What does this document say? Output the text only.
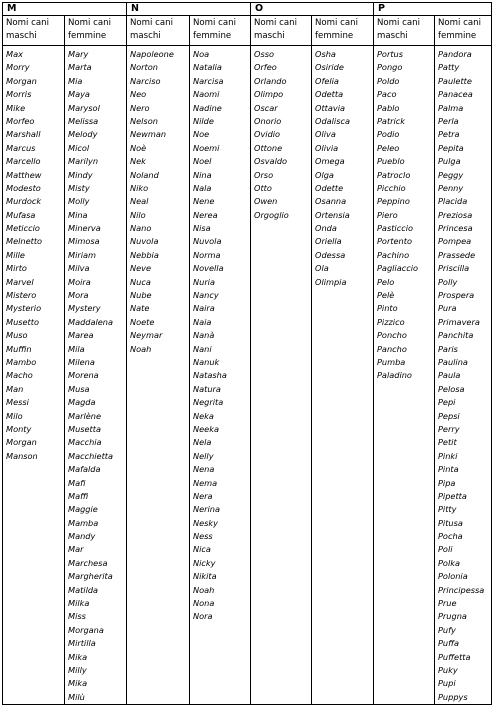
M
Nomi cani
maschi
Max
Morry
Morgan
Morris
Mike
Morfeo
Marshall
Marcus
Marcello
Matthew
Modesto
Murdock
Mufasa
Meticcio
Melnetto
Mille
Mirto
Marvel
Mistero
Mysterio
Musetto
Muso
Muffin
Mambo
Macho
Man
Messi
Milo
Monty
Morgan
Manson
Nomi cani
femmine
Mary
Marta
Mia
Maya
Marysol
Melissa
Melody
Micol
Marilyn
Mindy
Misty
Molly
Mina
Minerva
Mimosa
Miriam
Milva
Moira
Mora
Mystery
Maddalena
Marea
Mila
Milena
Morena
Musa
Magda
Marlène
Musetta
Macchia
Macchietta
Mafalda
Mafi
Maffi
Maggie
Mamba
Mandy
Mar
Marchesa
Margherita
Matilda
Milka
Miss
Morgana
Mirtilla
Mika
Milly
Mika
Milù
N
Nomi cani
maschi
Napoleone
Norton
Narciso
Neo
Nero
Nelson
Newman
Noè
Nek
Noland
Niko
Neal
Nilo
Nano
Nuvola
Nebbia
Neve
Nuca
Nube
Nate
Noete
Neymar
Noah
Nomi cani
femmine
Noa
Natalia
Narcisa
Naomi
Nadine
Nilde
Noe
Noemi
Noel
Nina
Nala
Nene
Nerea
Nisa
Nuvola
Norma
Novella
Nuria
Nancy
Naira
Naia
Nanà
Nani
Nanuk
Natasha
Natura
Negrita
Neka
Neeka
Nela
Nelly
Nena
Nema
Nera
Nerina
Nesky
Ness
Nica
Nicky
Nikita
Noah
Nona
Nora
O
Nomi cani
maschi
Osso
Orfeo
Orlando
Olimpo
Oscar
Onorio
Ovidio
Ottone
Osvaldo
Orso
Otto
Owen
Orgoglio
Nomi cani
femmine
Osha
Osiride
Ofelia
Odetta
Ottavia
Odalisca
Oliva
Olivia
Omega
Olga
Odette
Osanna
Ortensia
Onda
Oriella
Odessa
Ola
Olimpia
P
Nomi cani
maschi
Portus
Pongo
Poldo
Paco
Pablo
Patrick
Podio
Peleo
Pueblo
Patroclo
Picchio
Peppino
Piero
Pasticcio
Portento
Pachino
Pagliaccio
Pelo
Pelè
Pinto
Pizzico
Poncho
Pancho
Pumba
Paladino
Nomi cani
femmine
Pandora
Patty
Paulette
Panacea
Palma
Perla
Petra
Pepita
Pulga
Peggy
Penny
Placida
Preziosa
Princesa
Pompea
Prassede
Priscilla
Polly
Prospera
Pura
Primavera
Panchita
Paris
Paulina
Paula
Pelosa
Pepi
Pepsi
Perry
Petit
Pinki
Pinta
Pipa
Pipetta
Pitty
Pitusa
Pocha
Poli
Polka
Polonia
Principessa
Prue
Prugna
Pufy
Puffa
Puffetta
Puky
Pupi
Puppys
